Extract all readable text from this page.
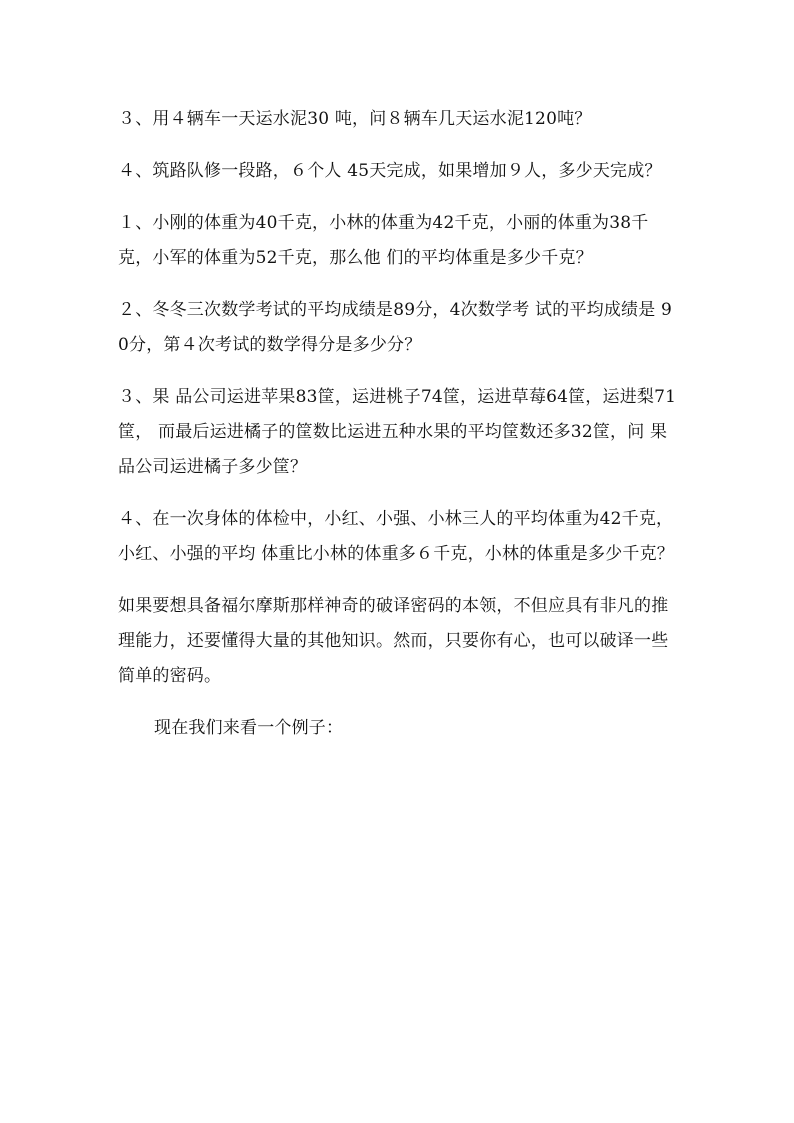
３、用４辆车一天运水泥30 吨，问８辆车几天运水泥120吨？

４、筑路队修一段路，６个人 45天完成，如果增加９人，多少天完成？

１、小刚的体重为40千克，小林的体重为42千克，小丽的体重为38千克，小军的体重为52千克，那么他 们的平均体重是多少千克？

２、冬冬三次数学考试的平均成绩是89分，4次数学考 试的平均成绩是 90分，第４次考试的数学得分是多少分？

３、果 品公司运进苹果83筐，运进桃子74筐，运进草莓64筐，运进梨71筐， 而最后运进橘子的筐数比运进五种水果的平均筐数还多32筐，问 果品公司运进橘子多少筐？

４、在一次身体的体检中，小红、小强、小林三人的平均体重为42千克，小红、小强的平均 体重比小林的体重多６千克，小林的体重是多少千克？

如果要想具备福尔摩斯那样神奇的破译密码的本领，不但应具有非凡的推理能力，还要懂得大量的其他知识。然而，只要你有心，也可以破译一些简单的密码。

现在我们来看一个例子：
